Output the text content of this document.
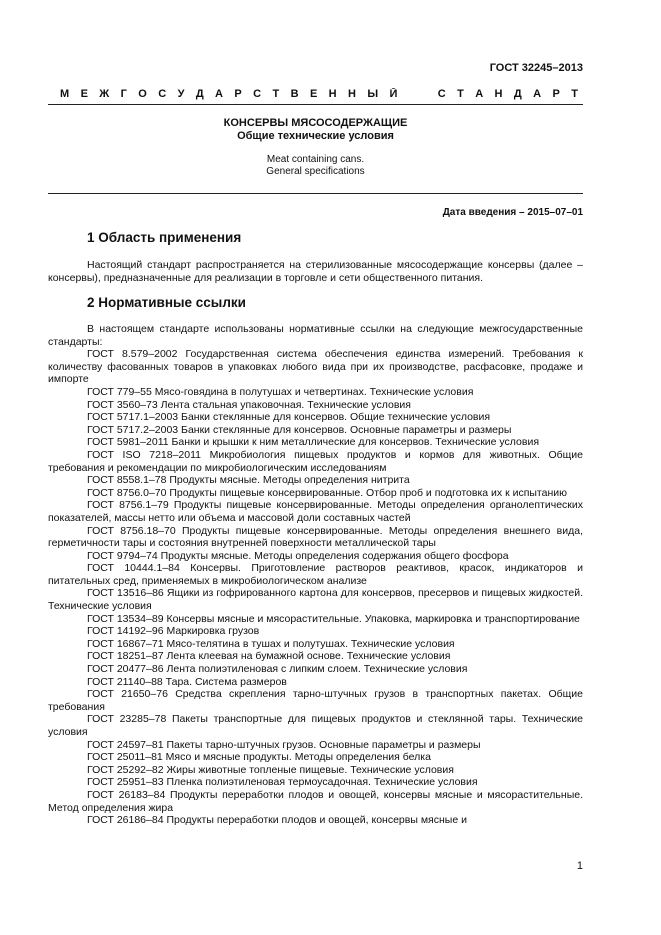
ГОСТ 32245–2013
М Е Ж Г О С У Д А Р С Т В Е Н Н Ы Й

	С Т А Н Д А Р Т
КОНСЕРВЫ МЯСОСОДЕРЖАЩИЕ
Общие технические условия
Meat containing cans.
General specifications
Дата введения – 2015–07–01
1 Область применения

Настоящий стандарт распространяется на стерилизованные мясосодержащие консервы (далее – консервы), предназначенные для реализации в торговле и сети общественного питания.

2 Нормативные ссылки

В настоящем стандарте использованы нормативные ссылки на следующие межгосударственные стандарты:

ГОСТ 8.579–2002 Государственная система обеспечения единства измерений. Требования к количеству фасованных товаров в упаковках любого вида при их производстве, расфасовке, продаже и импорте

ГОСТ 779–55 Мясо-говядина в полутушах и четвертинах. Технические условия

ГОСТ 3560–73 Лента стальная упаковочная. Технические условия

ГОСТ 5717.1–2003 Банки стеклянные для консервов. Общие технические условия

ГОСТ 5717.2–2003 Банки стеклянные для консервов. Основные параметры и размеры

ГОСТ 5981–2011 Банки и крышки к ним металлические для консервов. Технические условия

ГОСТ ISO 7218–2011 Микробиология пищевых продуктов и кормов для животных. Общие требования и рекомендации по микробиологическим исследованиям

ГОСТ 8558.1–78 Продукты мясные. Методы определения нитрита

ГОСТ 8756.0–70 Продукты пищевые консервированные. Отбор проб и подготовка их к испытанию

ГОСТ 8756.1–79 Продукты пищевые консервированные. Методы определения органолептических показателей, массы нетто или объема и массовой доли составных частей

ГОСТ 8756.18–70 Продукты пищевые консервированные. Методы определения внешнего вида, герметичности тары и состояния внутренней поверхности металлической тары

ГОСТ 9794–74 Продукты мясные. Методы определения содержания общего фосфора

ГОСТ 10444.1–84 Консервы. Приготовление растворов реактивов, красок, индикаторов и питательных сред, применяемых в микробиологическом анализе

ГОСТ 13516–86 Ящики из гофрированного картона для консервов, пресервов и пищевых жидкостей. Технические условия

ГОСТ 13534–89 Консервы мясные и мясорастительные. Упаковка, маркировка и транспортирование

ГОСТ 14192–96 Маркировка грузов

ГОСТ 16867–71 Мясо-телятина в тушах и полутушах. Технические условия

ГОСТ 18251–87 Лента клеевая на бумажной основе. Технические условия

ГОСТ 20477–86 Лента полиэтиленовая с липким слоем. Технические условия

ГОСТ 21140–88 Тара. Система размеров

ГОСТ 21650–76 Средства скрепления тарно-штучных грузов в транспортных пакетах. Общие требования

ГОСТ 23285–78 Пакеты транспортные для пищевых продуктов и стеклянной тары. Технические условия

ГОСТ 24597–81 Пакеты тарно-штучных грузов. Основные параметры и размеры

ГОСТ 25011–81 Мясо и мясные продукты. Методы определения белка

ГОСТ 25292–82 Жиры животные топленые пищевые. Технические условия

ГОСТ 25951–83 Пленка полиэтиленовая термоусадочная. Технические условия

ГОСТ 26183–84 Продукты переработки плодов и овощей, консервы мясные и мясорастительные. Метод определения жира

ГОСТ 26186–84 Продукты переработки плодов и овощей, консервы мясные и

1
